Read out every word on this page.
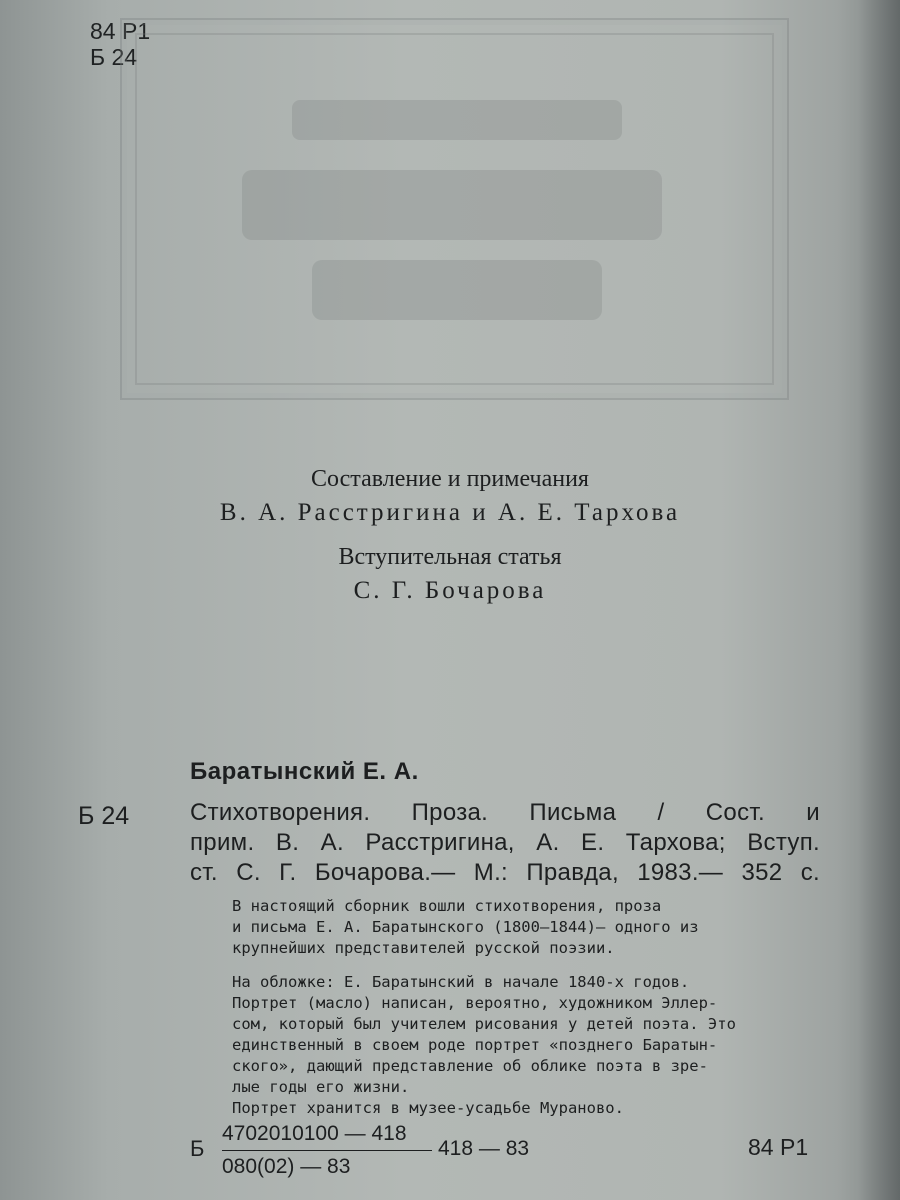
84 Р1
Б 24
Составление и примечания
В. А. Расстригина и А. Е. Тархова
Вступительная статья
С. Г. Бочарова
Баратынский Е. А.
Б 24	Стихотворения. Проза. Письма / Сост. и
прим. В. А. Расстригина, А. Е. Тархова; Вступ.
ст. С. Г. Бочарова.— М.: Правда, 1983.— 352 с.
В настоящий сборник вошли стихотворения, проза
и письма Е. А. Баратынского (1800—1844)— одного из
крупнейших представителей русской поэзии.
На обложке: Е. Баратынский в начале 1840-х годов.
Портрет (масло) написан, вероятно, художником Эллер-
сом, который был учителем рисования у детей поэта. Это
единственный в своем роде портрет «позднего Баратын-
ского», дающий представление об облике поэта в зре-
лые годы его жизни.
Портрет хранится в музее-усадьбе Мураново.
Б
4702010100 — 418
080(02) — 83
418 — 83	84 Р1
